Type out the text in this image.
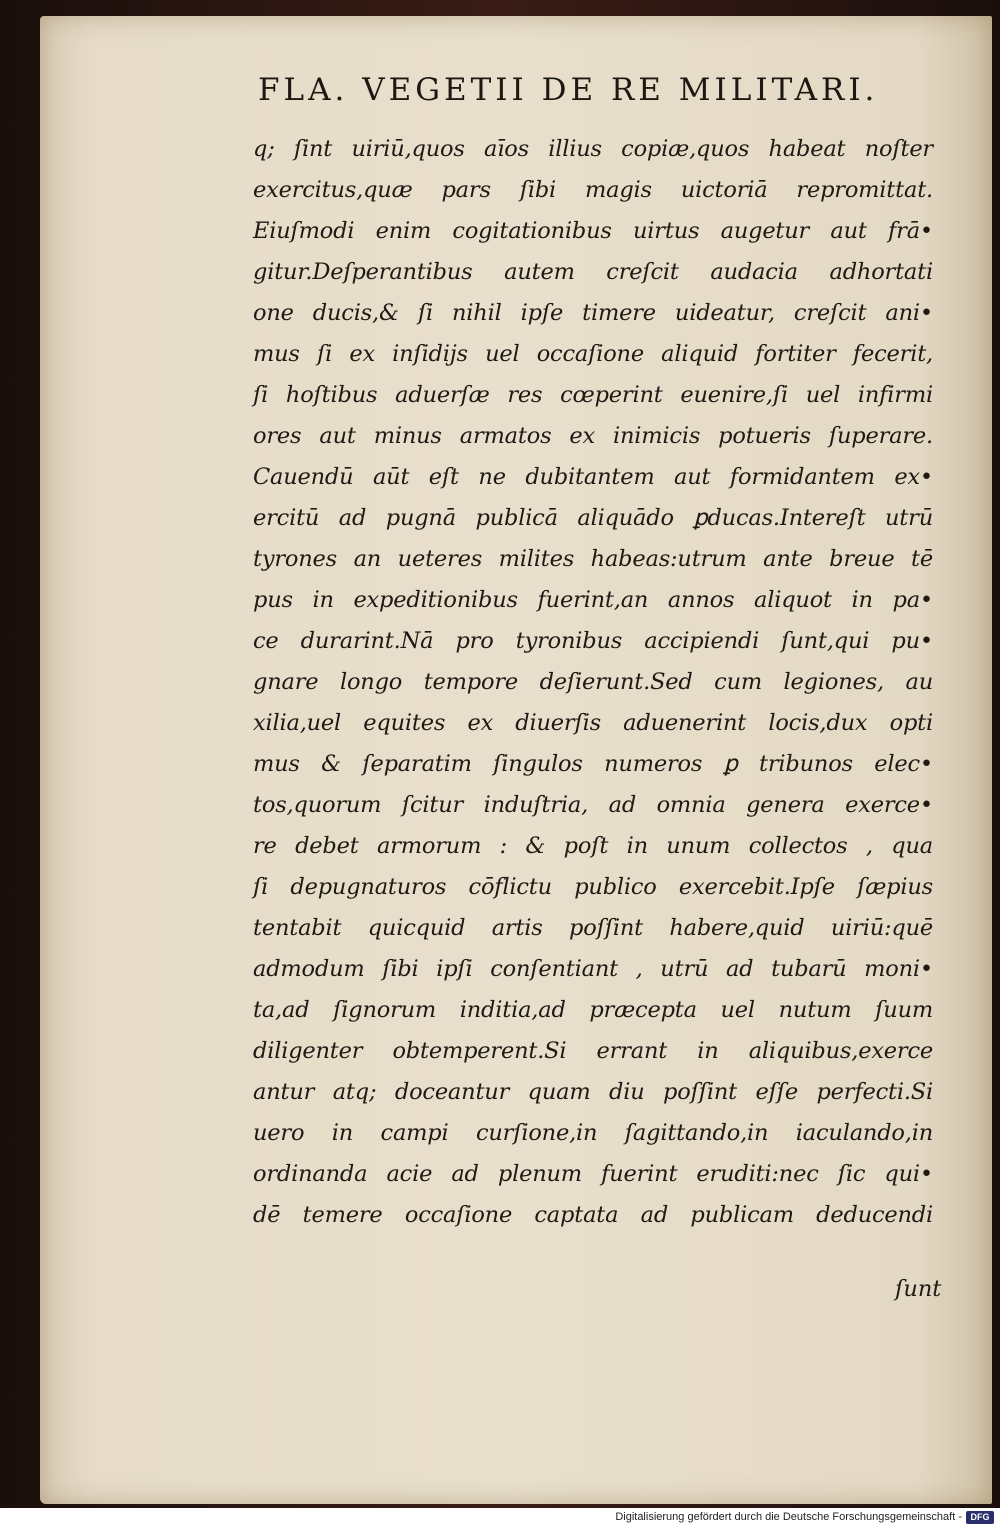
FLA. VEGETII DE RE MILITARI.
q; ſint uiriū,quos aīos illius copiæ,quos habeat noſter
exercitus,quæ pars ſibi magis uictoriā repromittat.
Eiuſmodi enim cogitationibus uirtus augetur aut frā•
gitur.Deſperantibus autem creſcit audacia adhortati
one ducis,& ſi nihil ipſe timere uideatur, creſcit ani•
mus ſi ex inſidijs uel occaſione aliquid fortiter fecerit,
ſi hoſtibus aduerſæ res cœperint euenire,ſi uel infirmi
ores aut minus armatos ex inimicis potueris ſuperare.
Cauendū aūt eſt ne dubitantem aut formidantem ex•
ercitū ad pugnā publicā aliquādo ꝑducas.Intereſt utrū
tyrones an ueteres milites habeas:utrum ante breue tē
pus in expeditionibus fuerint,an annos aliquot in pa•
ce durarint.Nā pro tyronibus accipiendi ſunt,qui pu•
gnare longo tempore deſierunt.Sed cum legiones, au
xilia,uel equites ex diuerſis aduenerint locis,dux opti
mus & ſeparatim ſingulos numeros ꝑ tribunos elec•
tos,quorum ſcitur induſtria, ad omnia genera exerce•
re debet armorum : & poſt in unum collectos , qua
ſi depugnaturos cōflictu publico exercebit.Ipſe ſæpius
tentabit quicquid artis poſſint habere,quid uiriū:quē
admodum ſibi ipſi conſentiant , utrū ad tubarū moni•
ta,ad ſignorum inditia,ad præcepta uel nutum ſuum
diligenter obtemperent.Si errant in aliquibus,exerce
antur atq; doceantur quam diu poſſint eſſe perfecti.Si
uero in campi curſione,in ſagittando,in iaculando,in
ordinanda acie ad plenum fuerint eruditi:nec ſic qui•
dē temere occaſione captata ad publicam deducendi
ſunt
Digitalisierung gefördert durch die Deutsche Forschungsgemeinschaft - DFG
